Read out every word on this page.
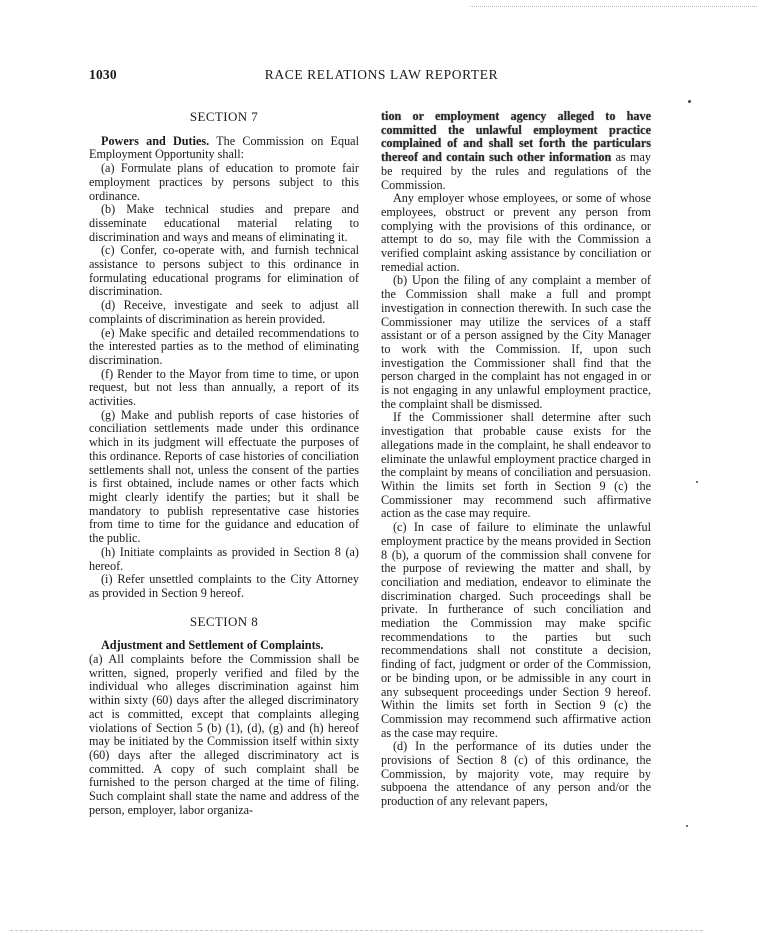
1030	RACE RELATIONS LAW REPORTER
SECTION 7

Powers and Duties. The Commission on Equal Employment Opportunity shall:

(a) Formulate plans of education to promote fair employment practices by persons subject to this ordinance.

(b) Make technical studies and prepare and disseminate educational material relating to discrimination and ways and means of eliminating it.

(c) Confer, co-operate with, and furnish technical assistance to persons subject to this ordinance in formulating educational programs for elimination of discrimination.

(d) Receive, investigate and seek to adjust all complaints of discrimination as herein provided.

(e) Make specific and detailed recommendations to the interested parties as to the method of eliminating discrimination.

(f) Render to the Mayor from time to time, or upon request, but not less than annually, a report of its activities.

(g) Make and publish reports of case histories of conciliation settlements made under this ordinance which in its judgment will effectuate the purposes of this ordinance. Reports of case histories of conciliation settlements shall not, unless the consent of the parties is first obtained, include names or other facts which might clearly identify the parties; but it shall be mandatory to publish representative case histories from time to time for the guidance and education of the public.

(h) Initiate complaints as provided in Section 8 (a) hereof.

(i) Refer unsettled complaints to the City Attorney as provided in Section 9 hereof.

SECTION 8

Adjustment and Settlement of Complaints.

(a) All complaints before the Commission shall be written, signed, properly verified and filed by the individual who alleges discrimination against him within sixty (60) days after the alleged discriminatory act is committed, except that complaints alleging violations of Section 5 (b) (1), (d), (g) and (h) hereof may be initiated by the Commission itself within sixty (60) days after the alleged discriminatory act is committed. A copy of such complaint shall be furnished to the person charged at the time of filing. Such complaint shall state the name and address of the person, employer, labor organiza-

tion or employment agency alleged to have committed the unlawful employment practice complained of and shall set forth the particulars thereof and contain such other information as may be required by the rules and regulations of the Commission.

Any employer whose employees, or some of whose employees, obstruct or prevent any person from complying with the provisions of this ordinance, or attempt to do so, may file with the Commission a verified complaint asking assistance by conciliation or remedial action.

(b) Upon the filing of any complaint a member of the Commission shall make a full and prompt investigation in connection therewith. In such case the Commissioner may utilize the services of a staff assistant or of a person assigned by the City Manager to work with the Commission. If, upon such investigation the Commissioner shall find that the person charged in the complaint has not engaged in or is not engaging in any unlawful employment practice, the complaint shall be dismissed.

If the Commissioner shall determine after such investigation that probable cause exists for the allegations made in the complaint, he shall endeavor to eliminate the unlawful employment practice charged in the complaint by means of conciliation and persuasion. Within the limits set forth in Section 9 (c) the Commissioner may recommend such affirmative action as the case may require.

(c) In case of failure to eliminate the unlawful employment practice by the means provided in Section 8 (b), a quorum of the commission shall convene for the purpose of reviewing the matter and shall, by conciliation and mediation, endeavor to eliminate the discrimination charged. Such proceedings shall be private. In furtherance of such conciliation and mediation the Commission may make spcific recommendations to the parties but such recommendations shall not constitute a decision, finding of fact, judgment or order of the Commission, or be binding upon, or be admissible in any court in any subsequent proceedings under Section 9 hereof. Within the limits set forth in Section 9 (c) the Commission may recommend such affirmative action as the case may require.

(d) In the performance of its duties under the provisions of Section 8 (c) of this ordinance, the Commission, by majority vote, may require by subpoena the attendance of any person and/or the production of any relevant papers,
